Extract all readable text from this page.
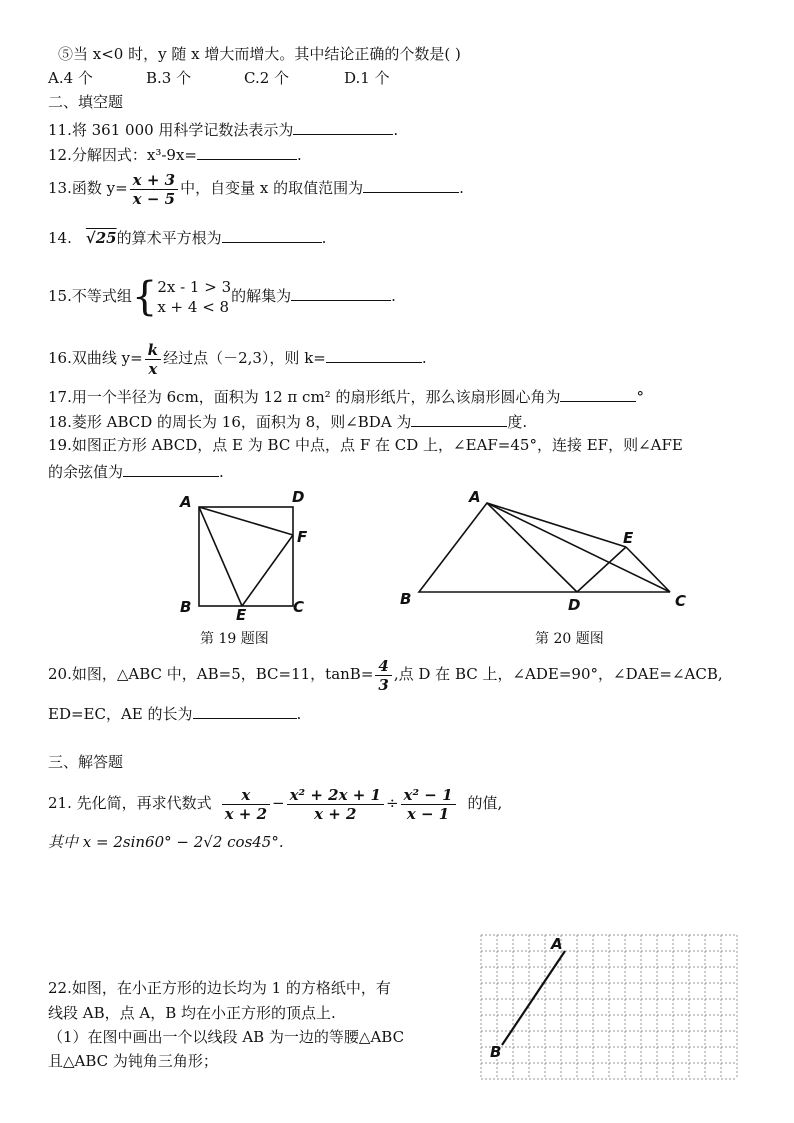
⑤当 x<0 时，y 随 x 增大而增大。其中结论正确的个数是( )
A.4 个	B.3 个	C.2 个	D.1 个
二、填空题
11.将 361 000 用科学记数法表示为	.
12.分解因式：x³-9x=	.
13.函数 $y= \frac{x + 3}{x - 5}$ 中，自变量 x 的取值范围为	.
14. √25的算术平方根为	.
15.不等式组{ 2x - 1 > 3
x + 4 < 8
的解集为	.
16.双曲线 $y= \frac{k}{x}$ 经过点（－2,3），则 k=	.
17.用一个半径为 6cm，面积为 12 π cm² 的扇形纸片，那么该扇形圆心角为	°
18.菱形 ABCD 的周长为 16，面积为 8，则∠BDA 为	度.
19.如图正方形 ABCD，点 E 为 BC 中点，点 F 在 CD 上，∠EAF=45°，连接 EF，则∠AFE
的余弦值为	.
A	D
F
B	E	C
第 19 题图
A
E
B	D	C
第 20 题图
20.如图，△ABC 中，AB=5，BC=11，$\tan B= \frac{4}{3}$ ,点 D 在 BC 上，∠ADE=90°，∠DAE=∠ACB,
ED=EC，AE 的长为	.
三、解答题
21. 先化简，再求代数式 $\frac{x}{x + 2} - \frac{\text{x² + 2x + 1}}{x + 2} \div \frac{\text{x² − 1}}{x - 1}$ 的值,
其中 x = 2sin60° − 2√2 cos45°.
22.如图，在小正方形的边长均为 1 的方格纸中，有
线段 AB，点 A，B 均在小正方形的顶点上.
（1）在图中画出一个以线段 AB 为一边的等腰△ABC
且△ABC 为钝角三角形；
A
B
